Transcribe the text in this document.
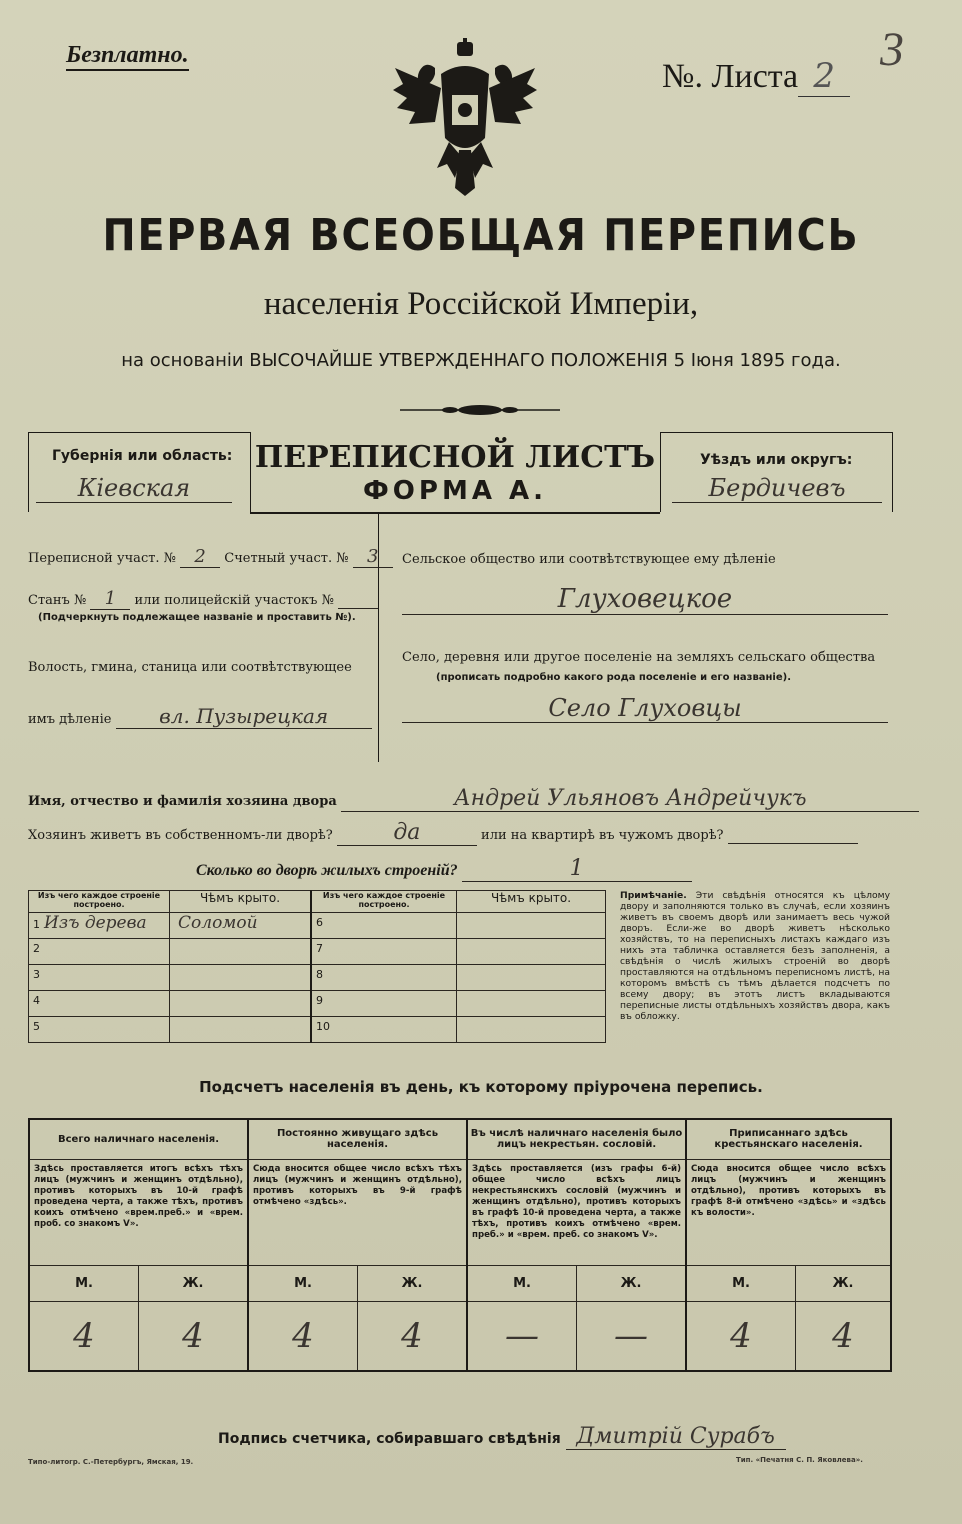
Безплатно.
№. Листа 2 3
ПЕРВАЯ ВСЕОБЩАЯ ПЕРЕПИСЬ
населенія Россійской Имперіи,
на основаніи ВЫСОЧАЙШЕ УТВЕРЖДЕННАГО ПОЛОЖЕНІЯ 5 Іюня 1895 года.
Губернія или область:
Кіевская
ПЕРЕПИСНОЙ ЛИСТЪ
ФОРМА А.
Уѣздъ или округъ:
Бердичевъ
Переписной участ. № 2 Счетный участ. № 3
Станъ № 1 или полицейскій участокъ №
(Подчеркнуть подлежащее названіе и проставить №).
Волость, гмина, станица или соотвѣтствующее
имъ дѣленіе вл. Пузырецкая
Сельское общество или соотвѣтствующее ему дѣленіе
Глуховецкое
Село, деревня или другое поселеніе на земляхъ сельскаго общества
(прописать подробно какого рода поселеніе и его названіе).
Село Глуховцы
Имя, отчество и фамилія хозяина двора	Андрей Ульяновъ Андрейчукъ
Хозяинъ живетъ въ собственномъ-ли дворѣ?	да	или на квартирѣ въ чужомъ дворѣ?
Сколько во дворѣ жилыхъ строеній?	1
Изъ чего каждое строеніе построено.	Чѣмъ крыто.	Изъ чего каждое строеніе построено.	Чѣмъ крыто.
1 Изъ дерева	Соломой	6	
2		7	
3		8	
4		9	
5		10	
Примѣчаніе. Эти свѣдѣнія относятся къ цѣлому двору и заполняются только въ случаѣ, если хозяинъ живетъ въ своемъ дворѣ или занимаетъ весь чужой дворъ. Если-же во дворѣ живетъ нѣсколько хозяйствъ, то на переписныхъ листахъ каждаго изъ нихъ эта табличка оставляется безъ заполненія, а свѣдѣнія о числѣ жилыхъ строеній во дворѣ проставляются на отдѣльномъ переписномъ листѣ, на которомъ вмѣстѣ съ тѣмъ дѣлается подсчетъ по всему двору; въ этотъ листъ вкладываются переписные листы отдѣльныхъ хозяйствъ двора, какъ въ обложку.
Подсчетъ населенія въ день, къ которому пріурочена перепись.
Всего наличнаго населенія.		Постоянно живущаго здѣсь населенія.		Въ числѣ наличнаго населенія было лицъ некрестьян. сословій.		Приписаннаго здѣсь крестьянскаго населенія.	
Здѣсь проставляется итогъ всѣхъ тѣхъ лицъ (мужчинъ и женщинъ отдѣльно), противъ которыхъ въ 10-й графѣ проведена черта, а также тѣхъ, противъ коихъ отмѣчено «врем.преб.» и «врем. проб. со знакомъ V».		Сюда вносится общее число всѣхъ тѣхъ лицъ (мужчинъ и женщинъ отдѣльно), противъ которыхъ въ 9-й графѣ отмѣчено «здѣсь».		Здѣсь проставляется (изъ графы 6-й) общее число всѣхъ лицъ некрестьянскихъ сословій (мужчинъ и женщинъ отдѣльно), противъ которыхъ въ графѣ 10-й проведена черта, а также тѣхъ, противъ коихъ отмѣчено «врем. преб.» и «врем. преб. со знакомъ V».		Сюда вносится общее число всѣхъ лицъ (мужчинъ и женщинъ отдѣльно), противъ которыхъ въ графѣ 8-й отмѣчено «здѣсь» и «здѣсь къ волости».	
М.	Ж.	М.	Ж.	М.	Ж.	М.	Ж.
4	4	4	4	—	—	4	4
Подпись счетчика, собиравшаго свѣдѣнія Дмитрій Сурабъ
Типо-литогр. С.-Петербургъ, Ямская, 19.	Тип. «Печатня С. П. Яковлева».
